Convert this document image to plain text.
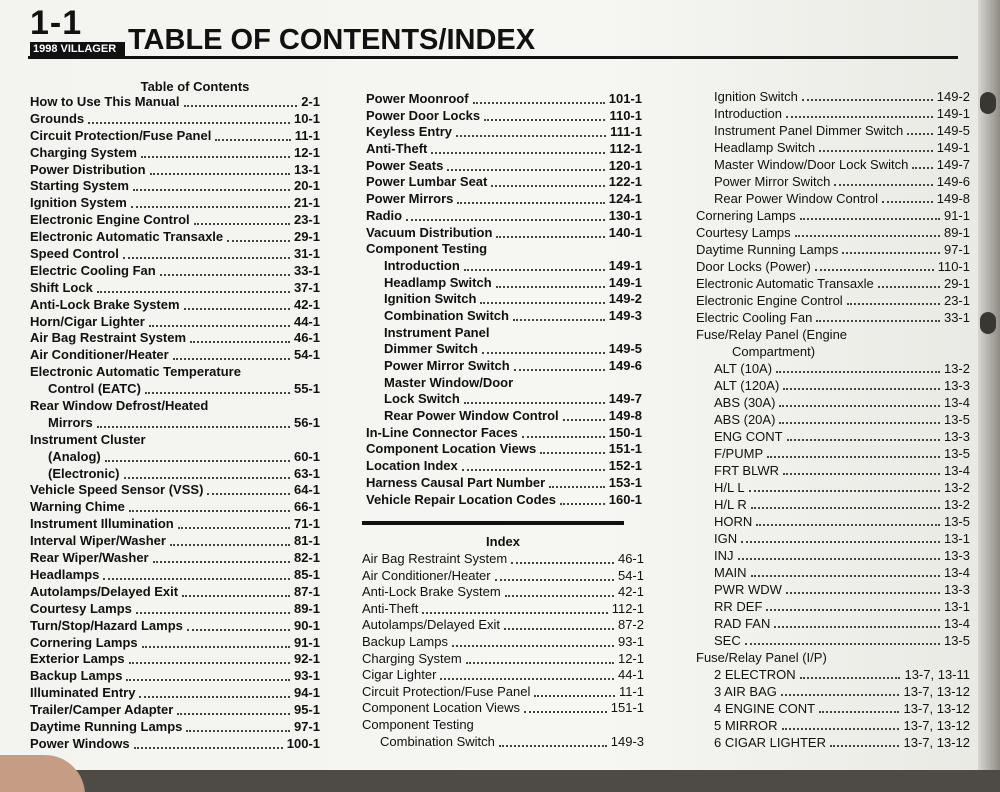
1-1 TABLE OF CONTENTS/INDEX
1998 VILLAGER
Table of Contents
How to Use This Manual	2-1
Grounds	10-1
Circuit Protection/Fuse Panel	11-1
Charging System	12-1
Power Distribution	13-1
Starting System	20-1
Ignition System	21-1
Electronic Engine Control	23-1
Electronic Automatic Transaxle	29-1
Speed Control	31-1
Electric Cooling Fan	33-1
Shift Lock	37-1
Anti-Lock Brake System	42-1
Horn/Cigar Lighter	44-1
Air Bag Restraint System	46-1
Air Conditioner/Heater	54-1
Electronic Automatic Temperature
Control (EATC)	55-1
Rear Window Defrost/Heated
Mirrors	56-1
Instrument Cluster
(Analog)	60-1
(Electronic)	63-1
Vehicle Speed Sensor (VSS)	64-1
Warning Chime	66-1
Instrument Illumination	71-1
Interval Wiper/Washer	81-1
Rear Wiper/Washer	82-1
Headlamps	85-1
Autolamps/Delayed Exit	87-1
Courtesy Lamps	89-1
Turn/Stop/Hazard Lamps	90-1
Cornering Lamps	91-1
Exterior Lamps	92-1
Backup Lamps	93-1
Illuminated Entry	94-1
Trailer/Camper Adapter	95-1
Daytime Running Lamps	97-1
Power Windows	100-1
Power Moonroof	101-1
Power Door Locks	110-1
Keyless Entry	111-1
Anti-Theft	112-1
Power Seats	120-1
Power Lumbar Seat	122-1
Power Mirrors	124-1
Radio	130-1
Vacuum Distribution	140-1
Component Testing
Introduction	149-1
Headlamp Switch	149-1
Ignition Switch	149-2
Combination Switch	149-3
Instrument Panel
Dimmer Switch	149-5
Power Mirror Switch	149-6
Master Window/Door
Lock Switch	149-7
Rear Power Window Control	149-8
In-Line Connector Faces	150-1
Component Location Views	151-1
Location Index	152-1
Harness Causal Part Number	153-1
Vehicle Repair Location Codes	160-1
Index
Air Bag Restraint System	46-1
Air Conditioner/Heater	54-1
Anti-Lock Brake System	42-1
Anti-Theft	112-1
Autolamps/Delayed Exit	87-2
Backup Lamps	93-1
Charging System	12-1
Cigar Lighter	44-1
Circuit Protection/Fuse Panel	11-1
Component Location Views	151-1
Component Testing
Combination Switch	149-3
Ignition Switch	149-2
Introduction	149-1
Instrument Panel Dimmer Switch	149-5
Headlamp Switch	149-1
Master Window/Door Lock Switch 149-7
Power Mirror Switch	149-6
Rear Power Window Control	149-8
Cornering Lamps	91-1
Courtesy Lamps	89-1
Daytime Running Lamps	97-1
Door Locks (Power)	110-1
Electronic Automatic Transaxle	29-1
Electronic Engine Control	23-1
Electric Cooling Fan	33-1
Fuse/Relay Panel (Engine
Compartment)
ALT (10A)	13-2
ALT (120A)	13-3
ABS (30A)	13-4
ABS (20A)	13-5
ENG CONT	13-3
F/PUMP	13-5
FRT BLWR	13-4
H/L L	13-2
H/L R	13-2
HORN	13-5
IGN	13-1
INJ	13-3
MAIN	13-4
PWR WDW	13-3
RR DEF	13-1
RAD FAN	13-4
SEC	13-5
Fuse/Relay Panel (I/P)
2 ELECTRON	13-7, 13-11
3 AIR BAG	13-7, 13-12
4 ENGINE CONT	13-7, 13-12
5 MIRROR	13-7, 13-12
6 CIGAR LIGHTER	13-7, 13-12
